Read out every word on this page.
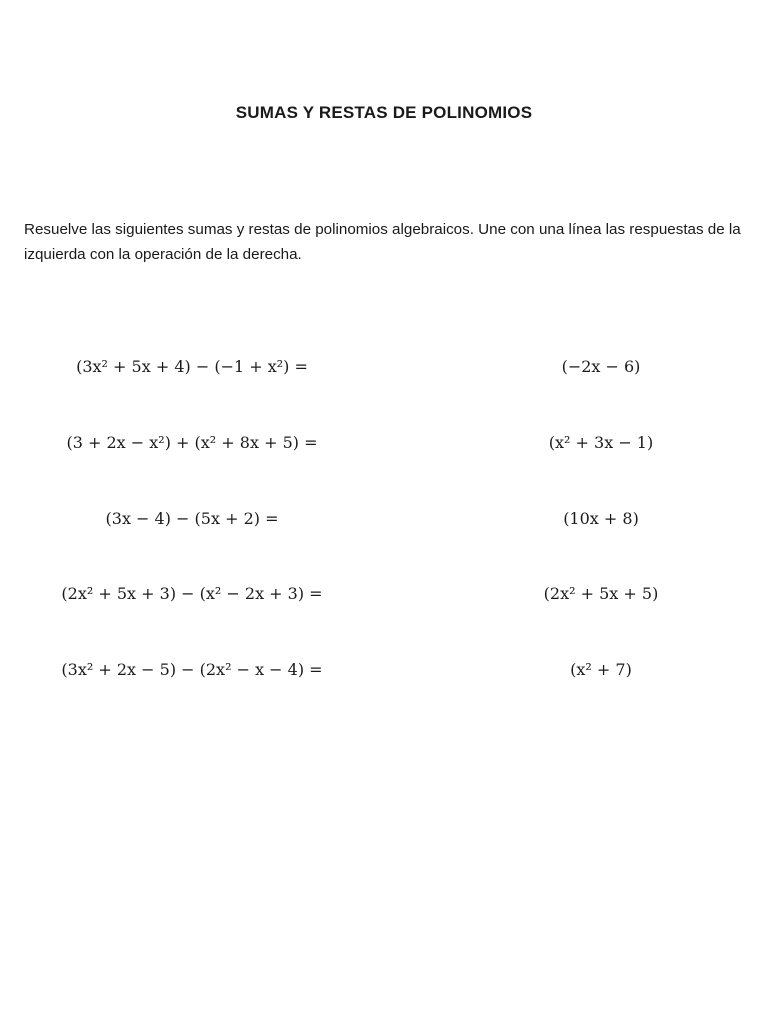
SUMAS Y RESTAS DE POLINOMIOS
Resuelve las siguientes sumas y restas de polinomios algebraicos. Une con una línea las respuestas de la izquierda con la operación de la derecha.
(3x² + 5x + 4) − (−1 + x²) =
(3 + 2x − x²) + (x² + 8x + 5) =
(3x − 4) − (5x + 2) =
(2x² + 5x + 3) − (x² − 2x + 3) =
(3x² + 2x − 5) − (2x² − x − 4) =
(−2x − 6)
(x² + 3x − 1)
(10x + 8)
(2x² + 5x + 5)
(x² + 7)
